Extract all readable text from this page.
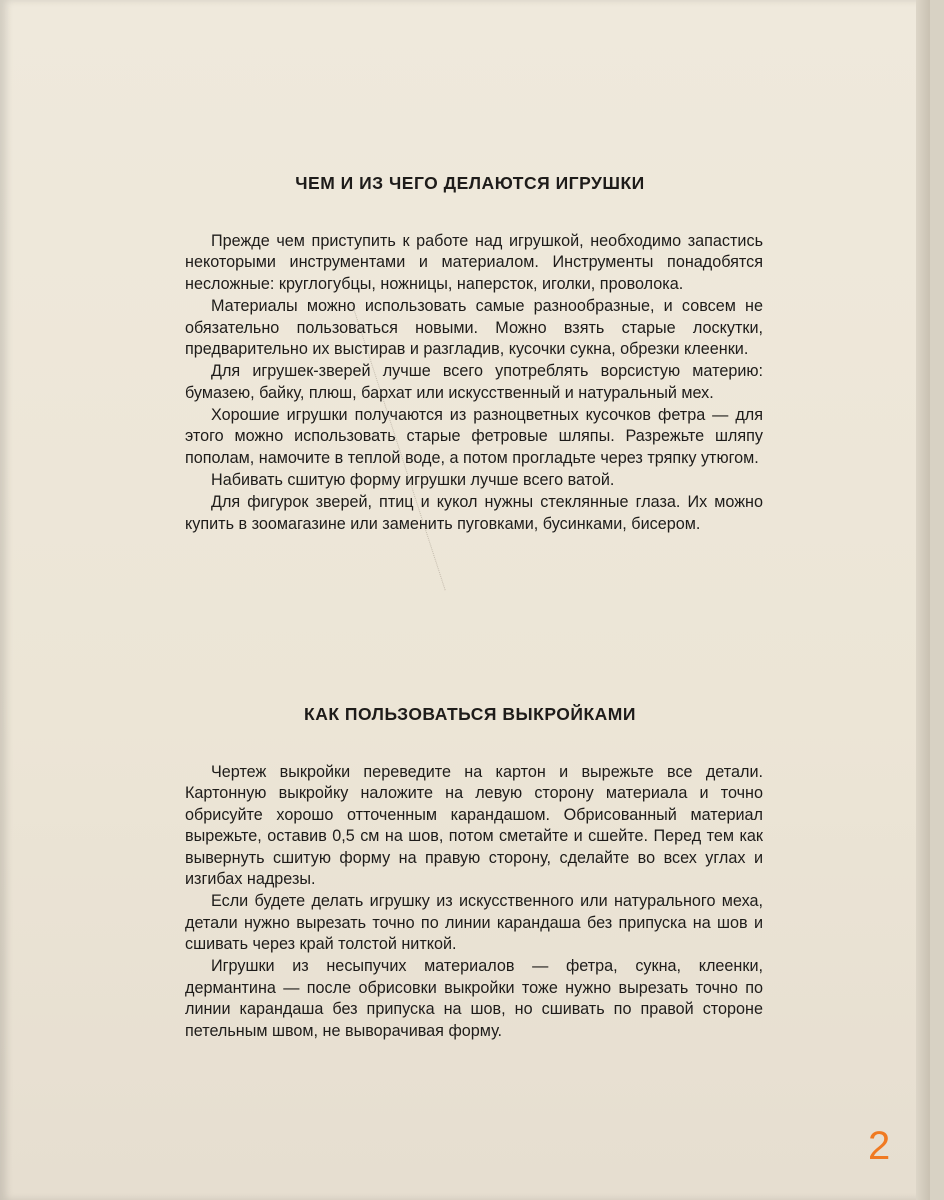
ЧЕМ И ИЗ ЧЕГО ДЕЛАЮТСЯ ИГРУШКИ

Прежде чем приступить к работе над игрушкой, необходимо запастись некоторыми инструментами и материалом. Инструменты понадобятся несложные: круглогубцы, ножницы, наперсток, иголки, проволока.

Материалы можно использовать самые разнообразные, и совсем не обязательно пользоваться новыми. Можно взять старые лоскутки, предварительно их выстирав и разгладив, кусочки сукна, обрезки клеенки.

Для игрушек-зверей лучше всего употреблять ворсистую материю: бумазею, байку, плюш, бархат или искусственный и натуральный мех.

Хорошие игрушки получаются из разноцветных кусочков фетра — для этого можно использовать старые фетровые шляпы. Разрежьте шляпу пополам, намочите в теплой воде, а потом прогладьте через тряпку утюгом.

Набивать сшитую форму игрушки лучше всего ватой.

Для фигурок зверей, птиц и кукол нужны стеклянные глаза. Их можно купить в зоомагазине или заменить пуговками, бусинками, бисером.

КАК ПОЛЬЗОВАТЬСЯ ВЫКРОЙКАМИ

Чертеж выкройки переведите на картон и вырежьте все детали. Картонную выкройку наложите на левую сторону материала и точно обрисуйте хорошо отточенным карандашом. Обрисованный материал вырежьте, оставив 0,5 см на шов, потом сметайте и сшейте. Перед тем как вывернуть сшитую форму на правую сторону, сделайте во всех углах и изгибах надрезы.

Если будете делать игрушку из искусственного или натурального меха, детали нужно вырезать точно по линии карандаша без припуска на шов и сшивать через край толстой ниткой.

Игрушки из несыпучих материалов — фетра, сукна, клеенки, дермантина — после обрисовки выкройки тоже нужно вырезать точно по линии карандаша без припуска на шов, но сшивать по правой стороне петельным швом, не выворачивая форму.

2
